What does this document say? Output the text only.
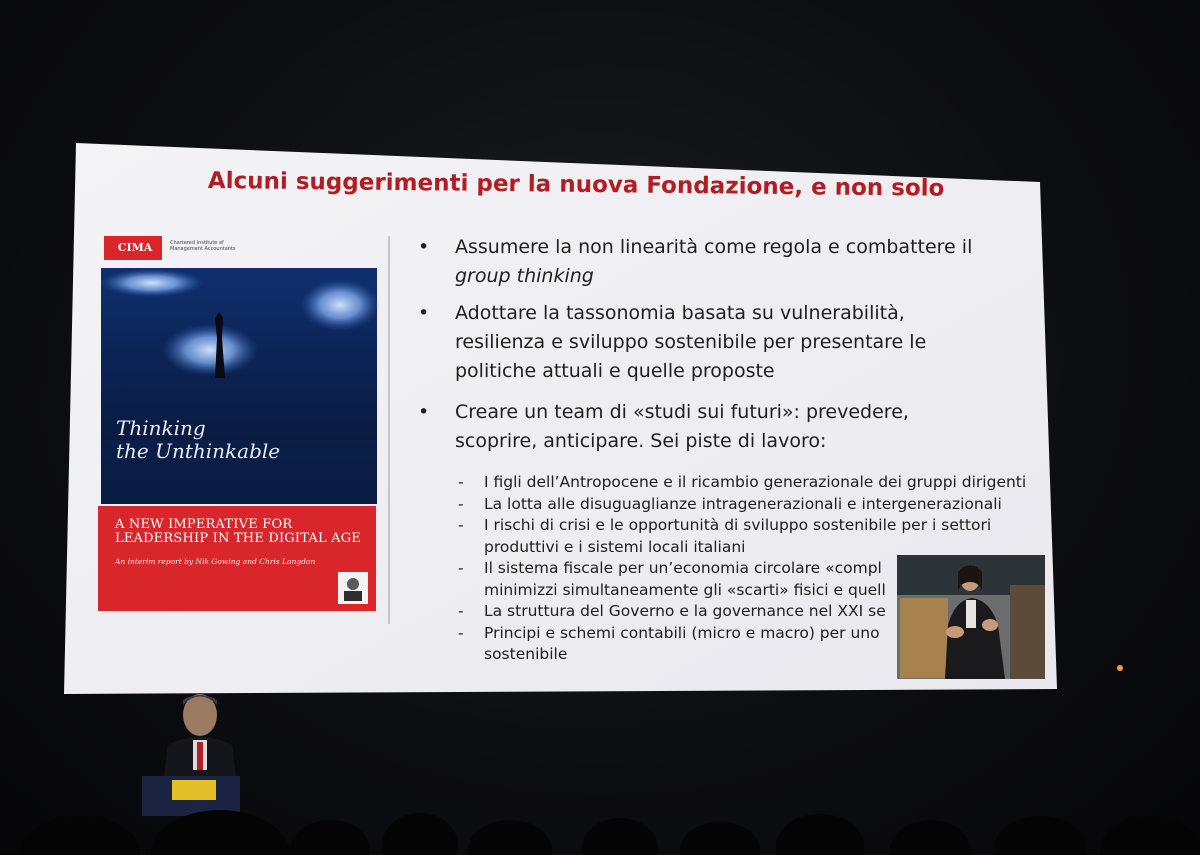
CIMA	Chartered Institute of Management Accountants
Thinking
the Unthinkable
A NEW IMPERATIVE FOR
LEADERSHIP IN THE DIGITAL AGE
An interim report by Nik Gowing and Chris Langdon
Alcuni suggerimenti per la nuova Fondazione, e non solo
• Assumere la non linearità come regola e combattere il
group thinking
• Adottare la tassonomia basata su vulnerabilità,
resilienza e sviluppo sostenibile per presentare le
politiche attuali e quelle proposte
• Creare un team di «studi sui futuri»: prevedere,
scoprire, anticipare. Sei piste di lavoro:
-	I figli dell’Antropocene e il ricambio generazionale dei gruppi dirigenti
-	La lotta alle disuguaglianze intragenerazionali e intergenerazionali
-	I rischi di crisi e le opportunità di sviluppo sostenibile per i settori
produttivi e i sistemi locali italiani
-	Il sistema fiscale per un’economia circolare «compl
minimizzi simultaneamente gli «scarti» fisici e quell
-	La struttura del Governo e la governance nel XXI se
-	Principi e schemi contabili (micro e macro) per uno
sostenibile
